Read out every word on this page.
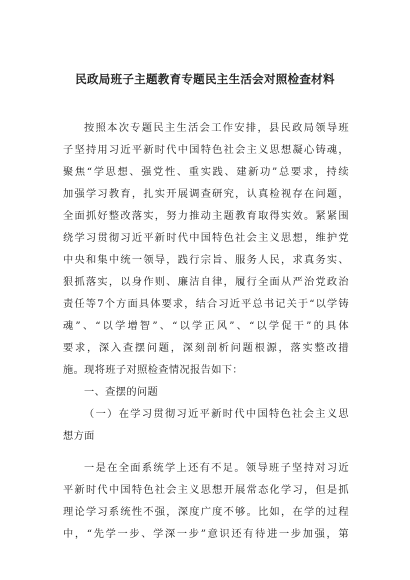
民政局班子主题教育专题民主生活会对照检查材料
按照本次专题民主生活会工作安排，县民政局领导班
子坚持用习近平新时代中国特色社会主义思想凝心铸魂，
聚焦“学思想、强党性、重实践、建新功”总要求，持续
加强学习教育，扎实开展调查研究，认真检视存在问题，
全面抓好整改落实，努力推动主题教育取得实效。紧紧围
绕学习贯彻习近平新时代中国特色社会主义思想，维护党
中央和集中统一领导，践行宗旨、服务人民，求真务实、
狠抓落实，以身作则、廉洁自律，履行全面从严治党政治
责任等7个方面具体要求，结合习近平总书记关于“以学铸
魂”、“以学增智”、“以学正风”、“以学促干”的具体
要求，深入查摆问题，深刻剖析问题根源，落实整改措
施。现将班子对照检查情况报告如下：
一、查摆的问题
（一）在学习贯彻习近平新时代中国特色社会主义思
想方面
一是在全面系统学上还有不足。领导班子坚持对习近
平新时代中国特色社会主义思想开展常态化学习，但是抓
理论学习系统性不强，深度广度不够。比如，在学的过程
中，“先学一步、学深一步”意识还有待进一步加强，第
